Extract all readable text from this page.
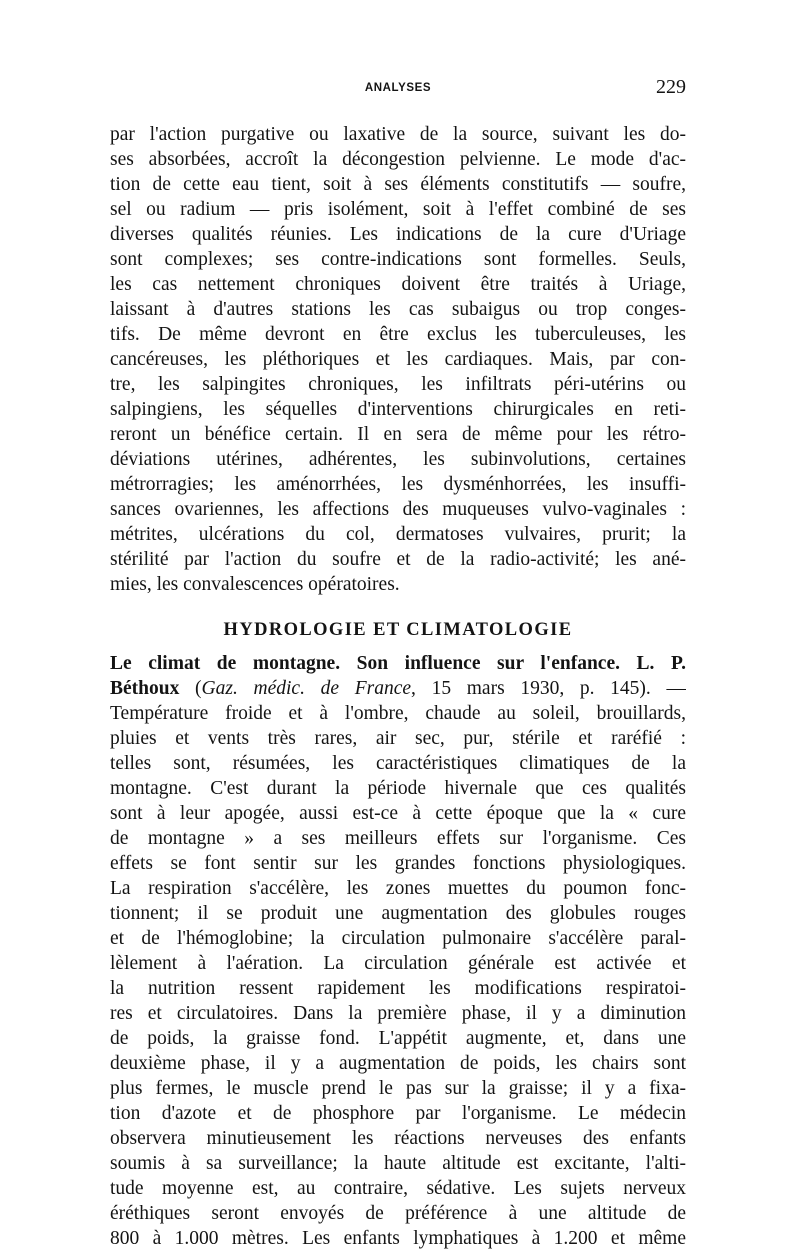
ANALYSES	229
par l'action purgative ou laxative de la source, suivant les do-
ses absorbées, accroît la décongestion pelvienne. Le mode d'ac-
tion de cette eau tient, soit à ses éléments constitutifs — soufre,
sel ou radium — pris isolément, soit à l'effet combiné de ses
diverses qualités réunies. Les indications de la cure d'Uriage
sont complexes; ses contre-indications sont formelles. Seuls,
les cas nettement chroniques doivent être traités à Uriage,
laissant à d'autres stations les cas subaigus ou trop conges-
tifs. De même devront en être exclus les tuberculeuses, les
cancéreuses, les pléthoriques et les cardiaques. Mais, par con-
tre, les salpingites chroniques, les infiltrats péri-utérins ou
salpingiens, les séquelles d'interventions chirurgicales en reti-
reront un bénéfice certain. Il en sera de même pour les rétro-
déviations utérines, adhérentes, les subinvolutions, certaines
métrorragies; les aménorrhées, les dysménhorrées, les insuffi-
sances ovariennes, les affections des muqueuses vulvo-vaginales :
métrites, ulcérations du col, dermatoses vulvaires, prurit; la
stérilité par l'action du soufre et de la radio-activité; les ané-
mies, les convalescences opératoires.
HYDROLOGIE ET CLIMATOLOGIE
Le climat de montagne. Son influence sur l'enfance. L. P.
Béthoux (Gaz. médic. de France, 15 mars 1930, p. 145). —
Température froide et à l'ombre, chaude au soleil, brouillards,
pluies et vents très rares, air sec, pur, stérile et raréfié :
telles sont, résumées, les caractéristiques climatiques de la
montagne. C'est durant la période hivernale que ces qualités
sont à leur apogée, aussi est-ce à cette époque que la « cure
de montagne » a ses meilleurs effets sur l'organisme. Ces
effets se font sentir sur les grandes fonctions physiologiques.
La respiration s'accélère, les zones muettes du poumon fonc-
tionnent; il se produit une augmentation des globules rouges
et de l'hémoglobine; la circulation pulmonaire s'accélère paral-
lèlement à l'aération. La circulation générale est activée et
la nutrition ressent rapidement les modifications respiratoi-
res et circulatoires. Dans la première phase, il y a diminution
de poids, la graisse fond. L'appétit augmente, et, dans une
deuxième phase, il y a augmentation de poids, les chairs sont
plus fermes, le muscle prend le pas sur la graisse; il y a fixa-
tion d'azote et de phosphore par l'organisme. Le médecin
observera minutieusement les réactions nerveuses des enfants
soumis à sa surveillance; la haute altitude est excitante, l'alti-
tude moyenne est, au contraire, sédative. Les sujets nerveux
éréthiques seront envoyés de préférence à une altitude de
800 à 1.000 mètres. Les enfants lymphatiques à 1.200 et même
